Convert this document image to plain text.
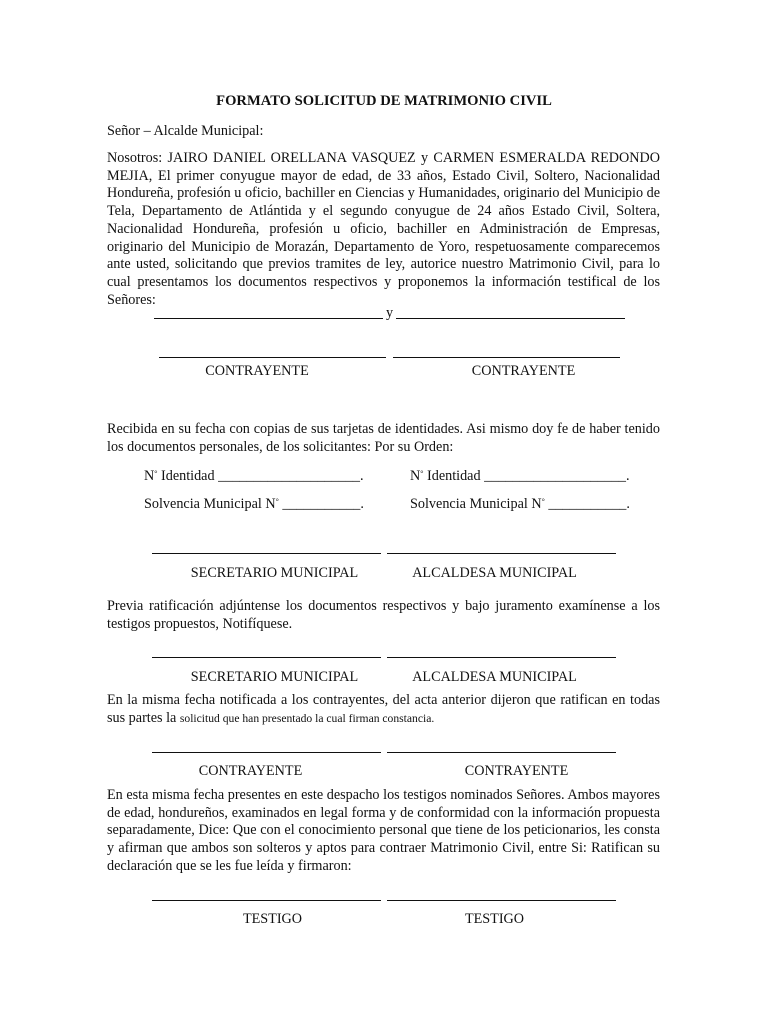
FORMATO SOLICITUD DE MATRIMONIO CIVIL
Señor – Alcalde Municipal:
Nosotros: JAIRO DANIEL ORELLANA VASQUEZ y CARMEN ESMERALDA REDONDO MEJIA, El primer conyugue mayor de edad, de 33 años, Estado Civil, Soltero, Nacionalidad Hondureña, profesión u oficio, bachiller en Ciencias y Humanidades, originario del Municipio de Tela, Departamento de Atlántida y el segundo conyugue de 24 años Estado Civil, Soltera, Nacionalidad Hondureña, profesión u oficio, bachiller en Administración de Empresas, originario del Municipio de Morazán, Departamento de Yoro, respetuosamente comparecemos ante usted, solicitando que previos tramites de ley, autorice nuestro Matrimonio Civil, para lo cual presentamos los documentos respectivos y proponemos la información testifical de los Señores:
y
CONTRAYENTE	CONTRAYENTE
Recibida en su fecha con copias de sus tarjetas de identidades. Asi mismo doy fe de haber tenido los documentos personales, de los solicitantes: Por su Orden:
N° Identidad ____________________.	N° Identidad ____________________.
Solvencia Municipal N° ___________.	Solvencia Municipal N° ___________.
SECRETARIO MUNICIPAL	ALCALDESA MUNICIPAL
Previa ratificación adjúntense los documentos respectivos y bajo juramento examínense a los testigos propuestos, Notifíquese.
SECRETARIO MUNICIPAL	ALCALDESA MUNICIPAL
En la misma fecha notificada a los contrayentes, del acta anterior dijeron que ratifican en todas sus partes la solicitud que han presentado la cual firman constancia.
CONTRAYENTE	CONTRAYENTE
En esta misma fecha presentes en este despacho los testigos nominados Señores. Ambos mayores de edad, hondureños, examinados en legal forma y de conformidad con la información propuesta separadamente, Dice: Que con el conocimiento personal que tiene de los peticionarios, les consta y afirman que ambos son solteros y aptos para contraer Matrimonio Civil, entre Si: Ratifican su declaración que se les fue leída y firmaron:
TESTIGO	TESTIGO
